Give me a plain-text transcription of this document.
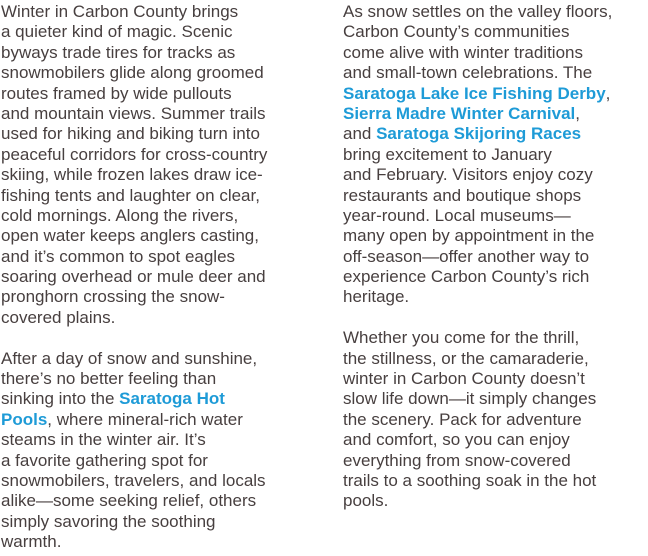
Winter in Carbon County brings
a quieter kind of magic. Scenic
byways trade tires for tracks as
snowmobilers glide along groomed
routes framed by wide pullouts
and mountain views. Summer trails
used for hiking and biking turn into
peaceful corridors for cross-country
skiing, while frozen lakes draw ice-
fishing tents and laughter on clear,
cold mornings. Along the rivers,
open water keeps anglers casting,
and it’s common to spot eagles
soaring overhead or mule deer and
pronghorn crossing the snow-
covered plains.
After a day of snow and sunshine,
there’s no better feeling than
sinking into the Saratoga Hot
Pools, where mineral-rich water
steams in the winter air. It’s
a favorite gathering spot for
snowmobilers, travelers, and locals
alike—some seeking relief, others
simply savoring the soothing
warmth.
As snow settles on the valley floors,
Carbon County’s communities
come alive with winter traditions
and small-town celebrations. The
Saratoga Lake Ice Fishing Derby,
Sierra Madre Winter Carnival,
and Saratoga Skijoring Races
bring excitement to January
and February. Visitors enjoy cozy
restaurants and boutique shops
year-round. Local museums—
many open by appointment in the
off-season—offer another way to
experience Carbon County’s rich
heritage.
Whether you come for the thrill,
the stillness, or the camaraderie,
winter in Carbon County doesn’t
slow life down—it simply changes
the scenery. Pack for adventure
and comfort, so you can enjoy
everything from snow-covered
trails to a soothing soak in the hot
pools.
